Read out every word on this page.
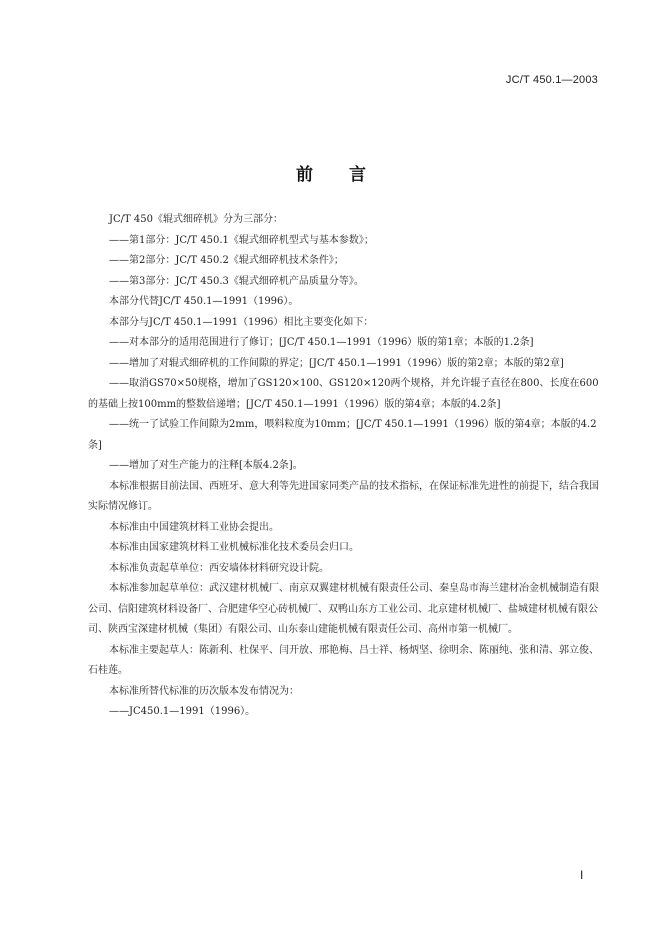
JC/T 450.1—2003
前言

JC/T 450《辊式细碎机》分为三部分：

——第1部分：JC/T 450.1《辊式细碎机型式与基本参数》；

——第2部分：JC/T 450.2《辊式细碎机技术条件》；

——第3部分：JC/T 450.3《辊式细碎机产品质量分等》。

本部分代替JC/T 450.1—1991（1996）。

本部分与JC/T 450.1—1991（1996）相比主要变化如下：

——对本部分的适用范围进行了修订；[JC/T 450.1—1991（1996）版的第1章；本版的1.2条]

——增加了对辊式细碎机的工作间隙的界定；[JC/T 450.1—1991（1996）版的第2章；本版的第2章]

——取消GS70×50规格，增加了GS120×100、GS120×120两个规格，并允许辊子直径在800、长度在600的基础上按100mm的整数倍递增；[JC/T 450.1—1991（1996）版的第4章；本版的4.2条]

——统一了试验工作间隙为2mm，喂料粒度为10mm；[JC/T 450.1—1991（1996）版的第4章；本版的4.2条]

——增加了对生产能力的注释[本版4.2条]。

本标准根据目前法国、西班牙、意大利等先进国家同类产品的技术指标，在保证标准先进性的前提下，结合我国实际情况修订。

本标准由中国建筑材料工业协会提出。

本标准由国家建筑材料工业机械标准化技术委员会归口。

本标准负责起草单位：西安墙体材料研究设计院。

本标准参加起草单位：武汉建材机械厂、南京双翼建材机械有限责任公司、秦皇岛市海兰建材冶金机械制造有限公司、信阳建筑材料设备厂、合肥建华空心砖机械厂、双鸭山东方工业公司、北京建材机械厂、盐城建材机械有限公司、陕西宝深建材机械（集团）有限公司、山东泰山建能机械有限责任公司、高州市第一机械厂。

本标准主要起草人：陈新利、杜保平、闫开放、邢艳梅、吕士祥、杨炳坚、徐明余、陈丽纯、张和清、郭立俊、石桂莲。

本标准所替代标准的历次版本发布情况为：

——JC450.1—1991（1996）。

I
